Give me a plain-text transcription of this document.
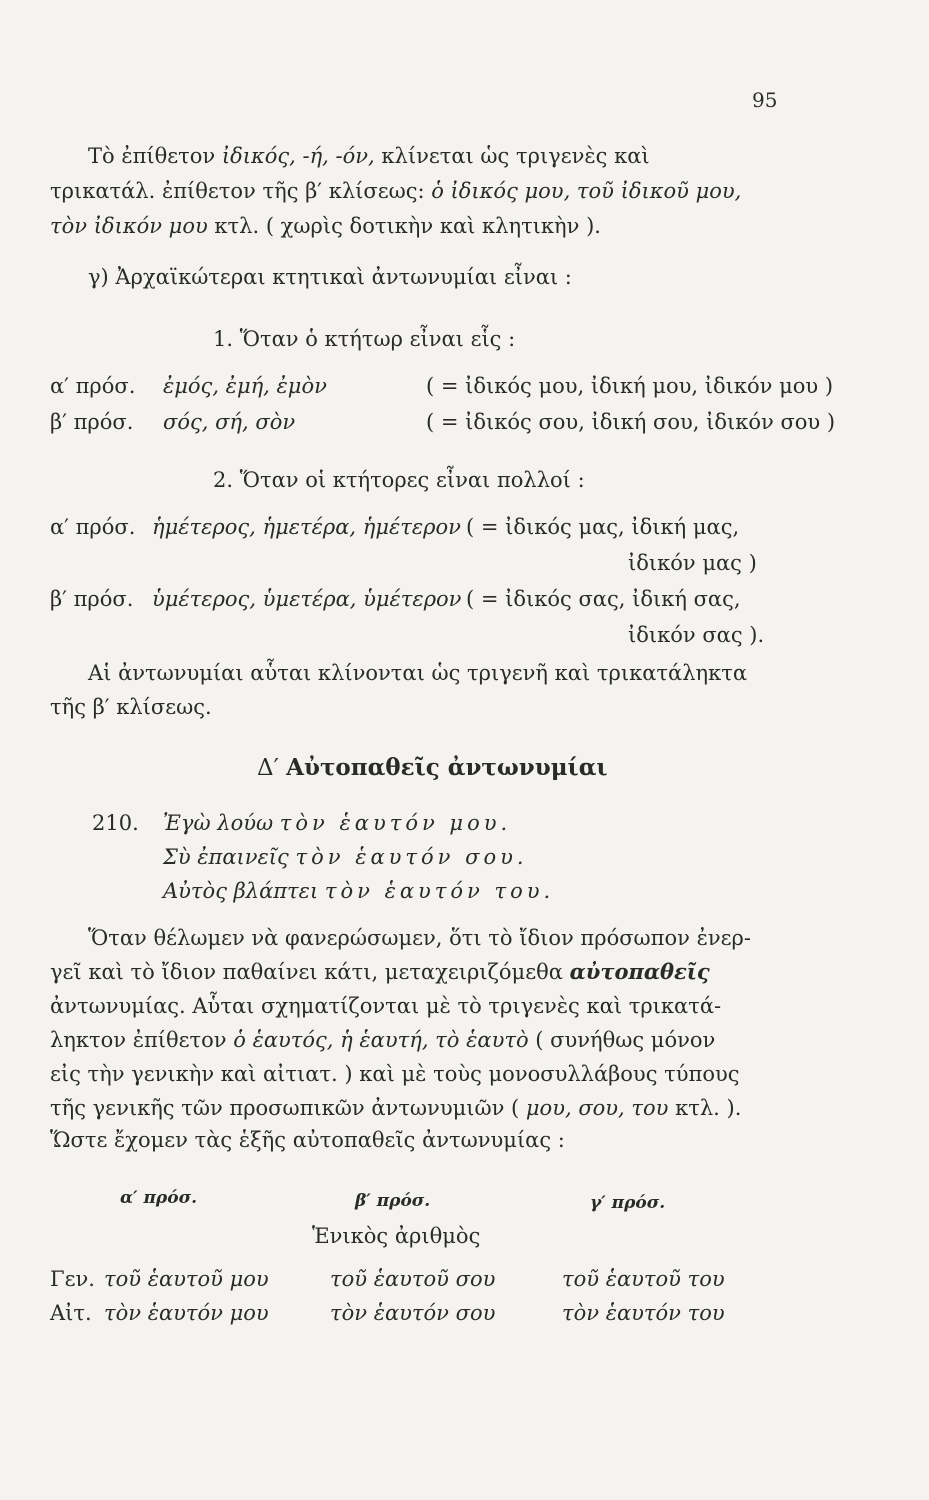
95
Τὸ ἐπίθετον ἰδικός, -ή, -όν, κλίνεται ὡς τριγενὲς καὶ
τρικατάλ. ἐπίθετον τῆς β′ κλίσεως: ὁ ἰδικός μου, τοῦ ἰδικοῦ μου,
τὸν ἰδικόν μου κτλ. ( χωρὶς δοτικὴν καὶ κλητικὴν ).
γ) Ἀρχαϊκώτεραι κτητικαὶ ἀντωνυμίαι εἶναι :
1. Ὅταν ὁ κτήτωρ εἶναι εἷς :
α′ πρόσ. ἐμός, ἐμή, ἐμὸν	( = ἰδικός μου, ἰδική μου, ἰδικόν μου )
β′ πρόσ. σός, σή, σὸν	( = ἰδικός σου, ἰδική σου, ἰδικόν σου )
2. Ὅταν οἱ κτήτορες εἶναι πολλοί :
α′ πρόσ. ἡμέτερος, ἡμετέρα, ἡμέτερον ( = ἰδικός μας, ἰδική μας,
ἰδικόν μας )
β′ πρόσ. ὑμέτερος, ὑμετέρα, ὑμέτερον ( = ἰδικός σας, ἰδική σας,
ἰδικόν σας ).
Αἱ ἀντωνυμίαι αὗται κλίνονται ὡς τριγενῆ καὶ τρικατάληκτα
τῆς β′ κλίσεως.
Δ′ Αὐτοπαθεῖς ἀντωνυμίαι
210. Ἐγὼ λούω τὸν ἑαυτόν μου.
Σὺ ἐπαινεῖς τὸν ἑαυτόν σου.
Αὐτὸς βλάπτει τὸν ἑαυτόν του.
Ὅταν θέλωμεν νὰ φανερώσωμεν, ὅτι τὸ ἴδιον πρόσωπον ἐνερ-
γεῖ καὶ τὸ ἴδιον παθαίνει κάτι, μεταχειριζόμεθα αὐτοπαθεῖς
ἀντωνυμίας. Αὗται σχηματίζονται μὲ τὸ τριγενὲς καὶ τρικατά-
ληκτον ἐπίθετον ὁ ἑαυτός, ἡ ἑαυτή, τὸ ἑαυτὸ ( συνήθως μόνον
εἰς τὴν γενικὴν καὶ αἰτιατ. ) καὶ μὲ τοὺς μονοσυλλάβους τύπους
τῆς γενικῆς τῶν προσωπικῶν ἀντωνυμιῶν ( μου, σου, του κτλ. ).
Ὥστε ἔχομεν τὰς ἑξῆς αὐτοπαθεῖς ἀντωνυμίας :
α′ πρόσ.	β′ πρόσ.	γ′ πρόσ.
Ἑνικὸς ἀριθμὸς
Γεν. τοῦ ἑαυτοῦ μου	τοῦ ἑαυτοῦ σου	τοῦ ἑαυτοῦ του
Αἰτ. τὸν ἑαυτόν μου	τὸν ἑαυτόν σου	τὸν ἑαυτόν του
